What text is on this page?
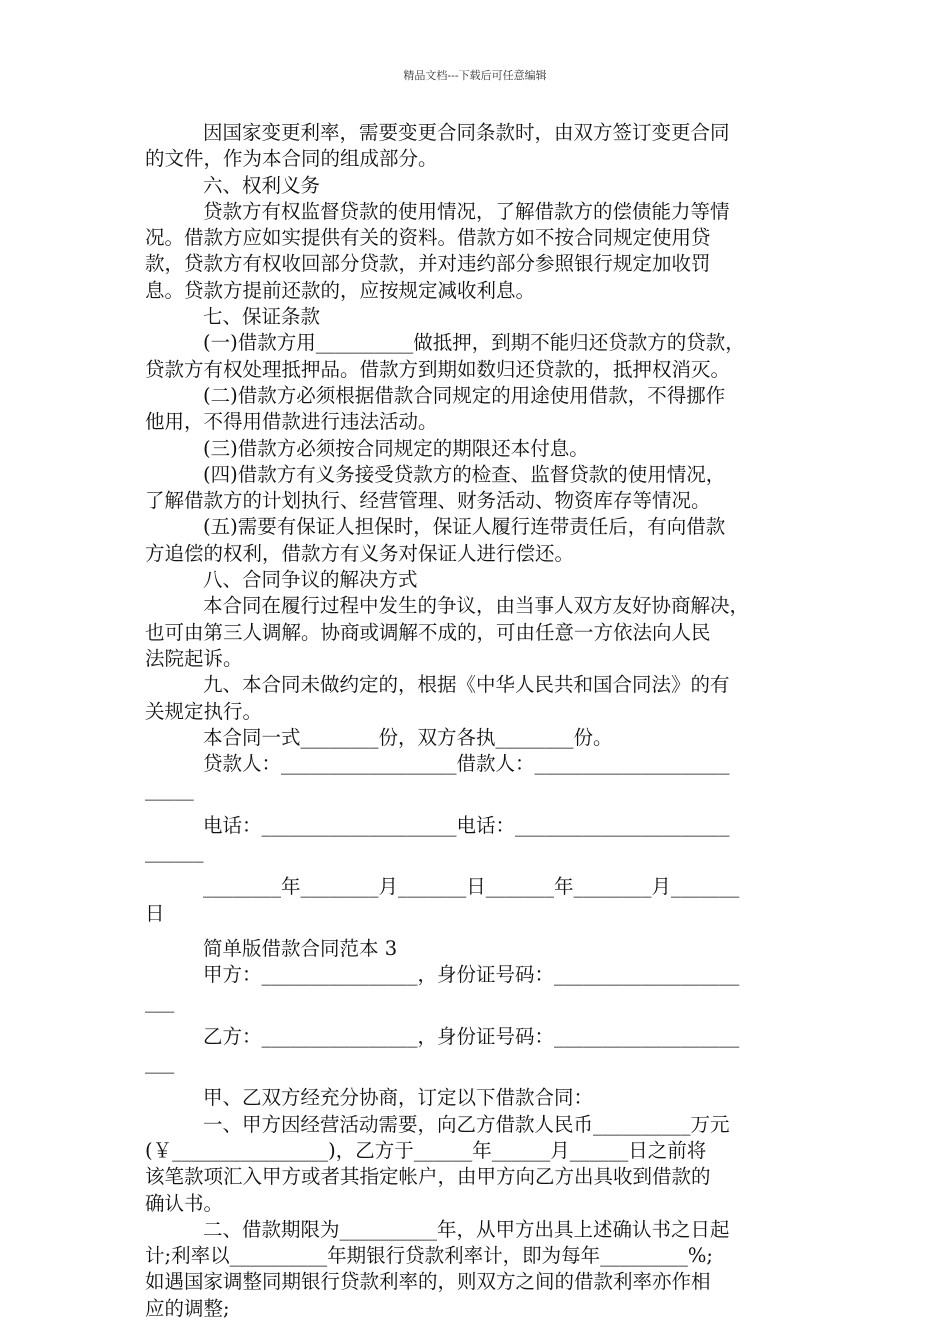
精品文档---下载后可任意编辑
因国家变更利率，需要变更合同条款时，由双方签订变更合同
的文件，作为本合同的组成部分。
六、权利义务
贷款方有权监督贷款的使用情况，了解借款方的偿债能力等情
况。借款方应如实提供有关的资料。借款方如不按合同规定使用贷
款，贷款方有权收回部分贷款，并对违约部分参照银行规定加收罚
息。贷款方提前还款的，应按规定减收利息。
七、保证条款
(一)借款方用__________做抵押，到期不能归还贷款方的贷款，
贷款方有权处理抵押品。借款方到期如数归还贷款的，抵押权消灭。
(二)借款方必须根据借款合同规定的用途使用借款，不得挪作
他用，不得用借款进行违法活动。
(三)借款方必须按合同规定的期限还本付息。
(四)借款方有义务接受贷款方的检查、监督贷款的使用情况，
了解借款方的计划执行、经营管理、财务活动、物资库存等情况。
(五)需要有保证人担保时，保证人履行连带责任后，有向借款
方追偿的权利，借款方有义务对保证人进行偿还。
八、合同争议的解决方式
本合同在履行过程中发生的争议，由当事人双方友好协商解决，
也可由第三人调解。协商或调解不成的，可由任意一方依法向人民
法院起诉。
九、本合同未做约定的，根据《中华人民共和国合同法》的有
关规定执行。
本合同一式________份，双方各执________份。
贷款人：__________________借款人：____________________
_____
电话：____________________电话：______________________
______
________年________月_______日_______年________月_______
日
简单版借款合同范本 3
甲方：________________，身份证号码：___________________
___
乙方：________________，身份证号码：___________________
___
甲、乙双方经充分协商，订定以下借款合同：
一、甲方因经营活动需要，向乙方借款人民币__________万元
(￥________________)，乙方于______年______月______日之前将
该笔款项汇入甲方或者其指定帐户，由甲方向乙方出具收到借款的
确认书。
二、借款期限为__________年，从甲方出具上述确认书之日起
计;利率以__________年期银行贷款利率计，即为每年_________%;
如遇国家调整同期银行贷款利率的，则双方之间的借款利率亦作相
应的调整;
